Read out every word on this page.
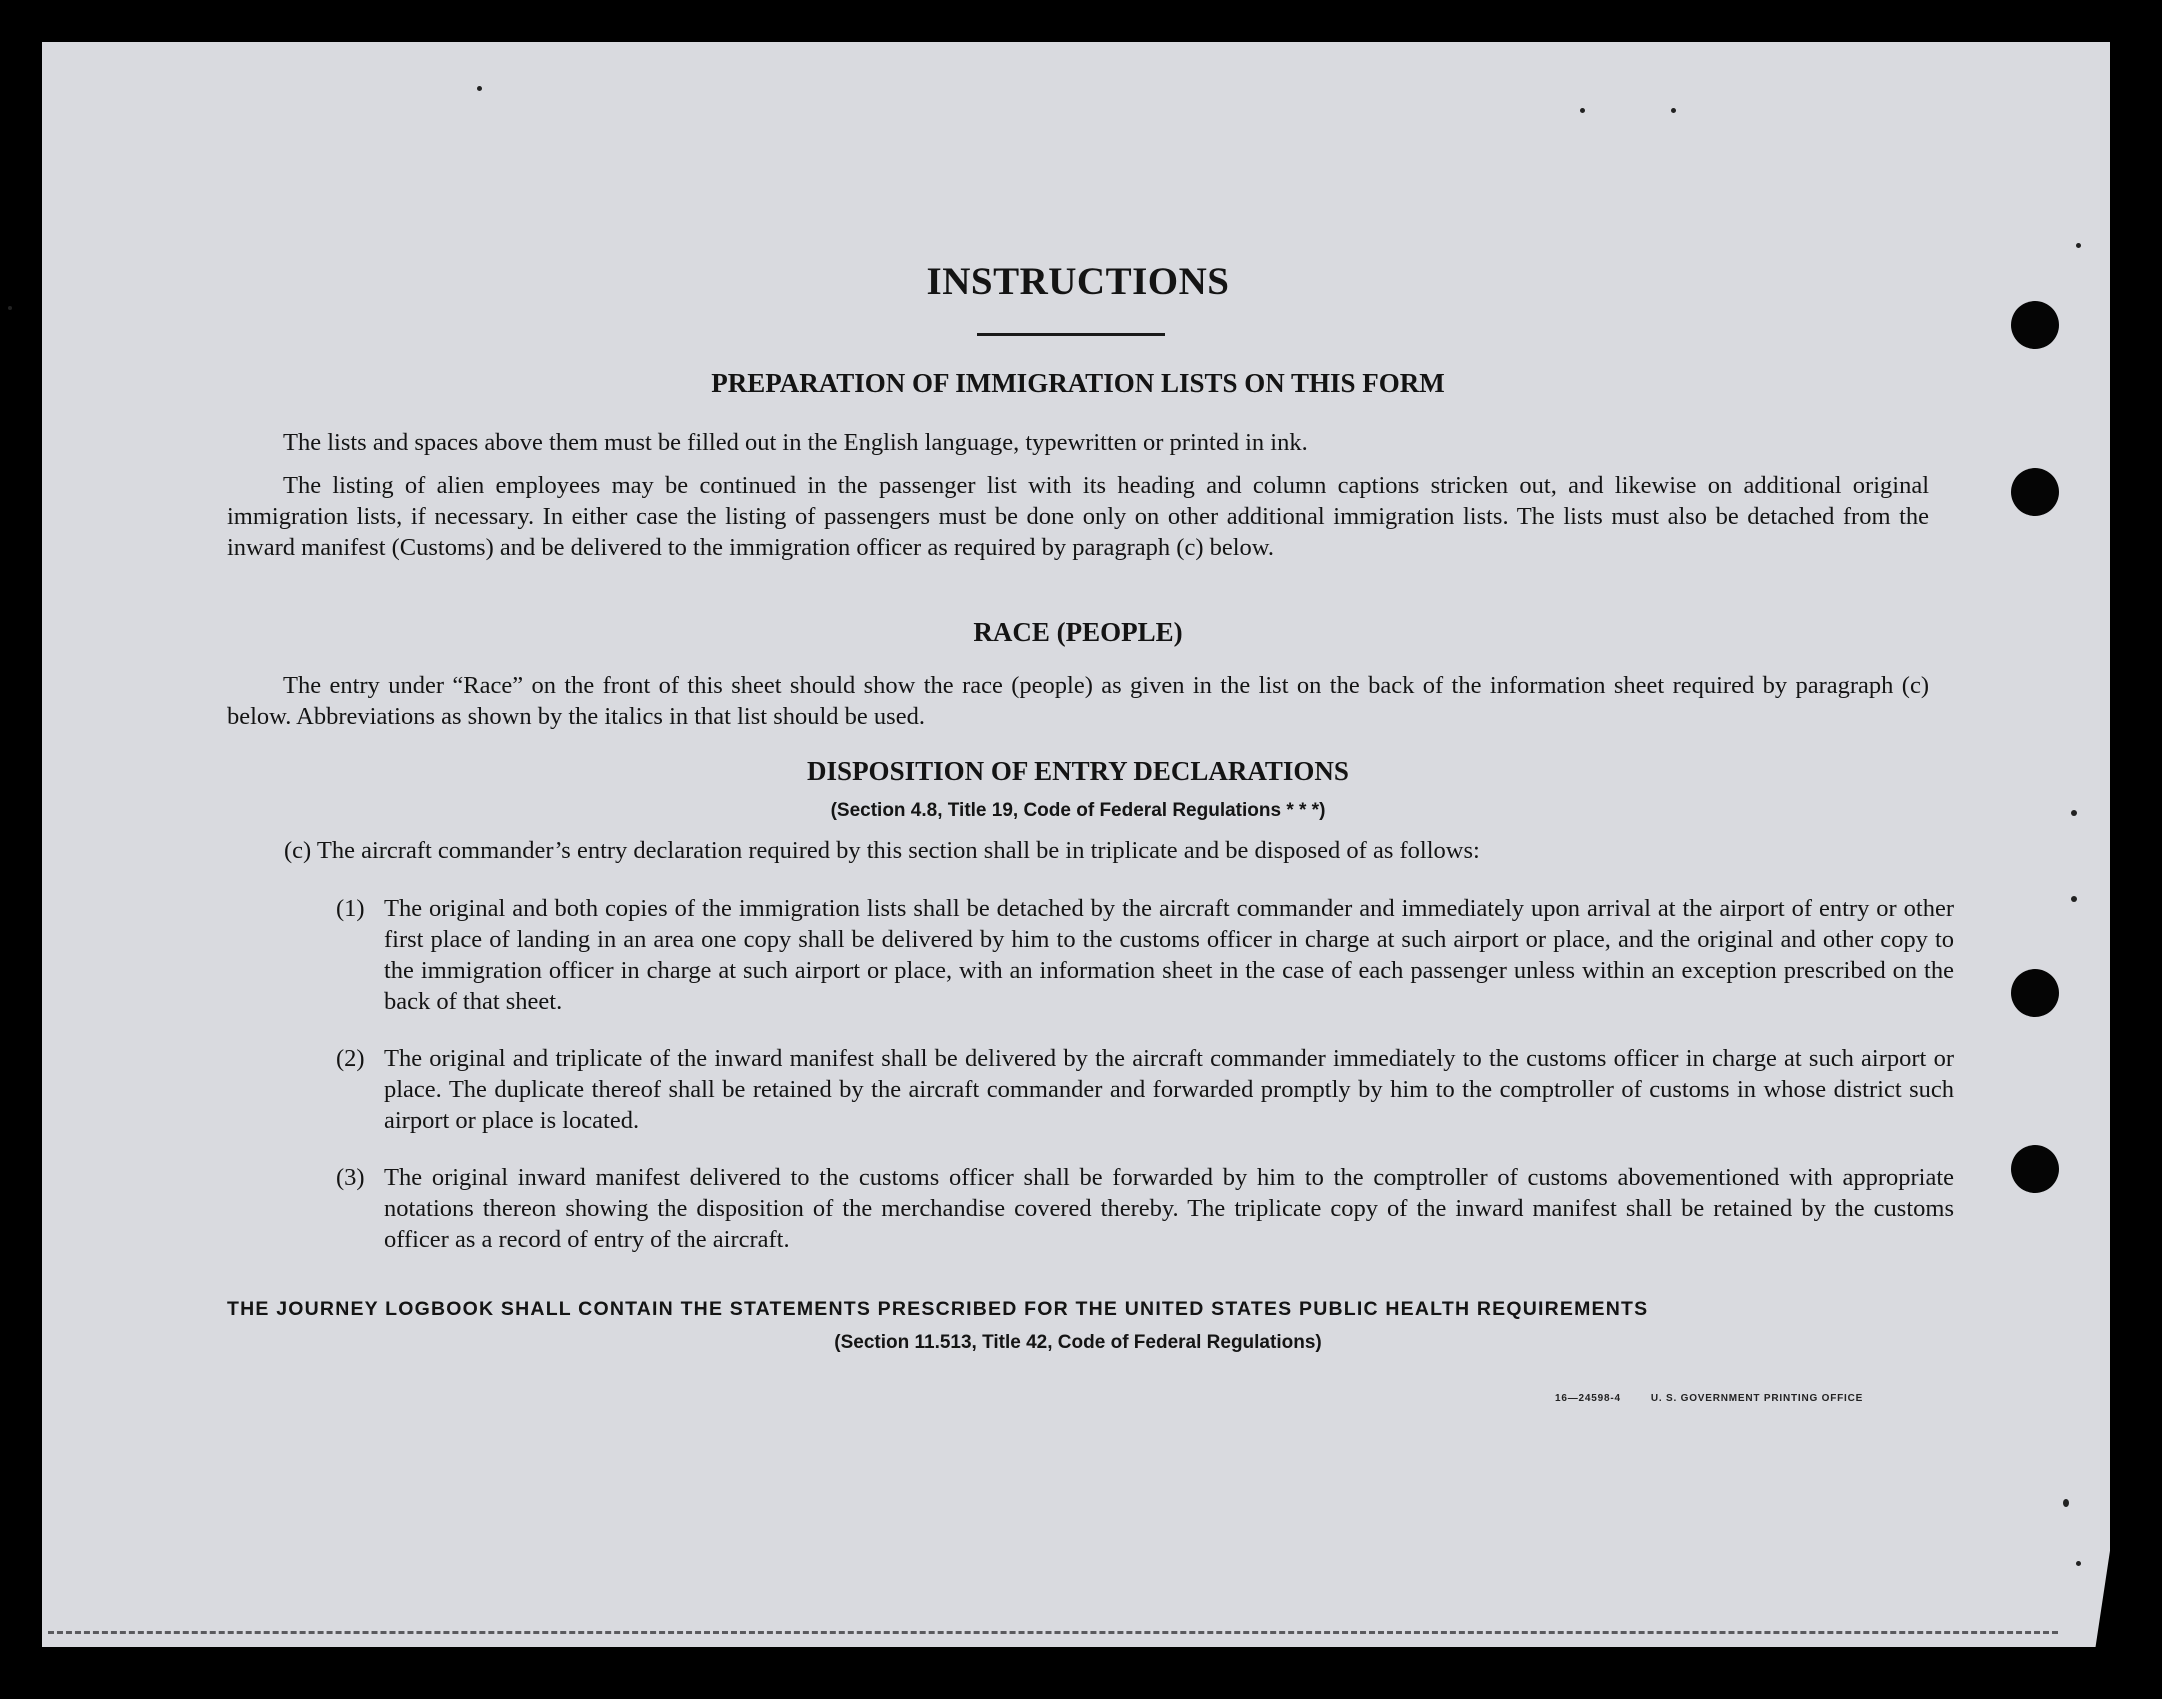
INSTRUCTIONS
PREPARATION OF IMMIGRATION LISTS ON THIS FORM
The lists and spaces above them must be filled out in the English language, typewritten or printed in ink.
The listing of alien employees may be continued in the passenger list with its heading and column captions stricken out, and likewise on additional original immigration lists, if necessary. In either case the listing of passengers must be done only on other additional immigration lists. The lists must also be detached from the inward manifest (Customs) and be delivered to the immigration officer as required by paragraph (c) below.
RACE (PEOPLE)
The entry under “Race” on the front of this sheet should show the race (people) as given in the list on the back of the information sheet required by paragraph (c) below. Abbreviations as shown by the italics in that list should be used.
DISPOSITION OF ENTRY DECLARATIONS
(Section 4.8, Title 19, Code of Federal Regulations * * *)
(c) The aircraft commander’s entry declaration required by this section shall be in triplicate and be disposed of as follows:
(1) The original and both copies of the immigration lists shall be detached by the aircraft commander and immediately upon arrival at the airport of entry or other first place of landing in an area one copy shall be delivered by him to the customs officer in charge at such airport or place, and the original and other copy to the immigration officer in charge at such airport or place, with an information sheet in the case of each passenger unless within an exception prescribed on the back of that sheet.
(2) The original and triplicate of the inward manifest shall be delivered by the aircraft commander immediately to the customs officer in charge at such airport or place. The duplicate thereof shall be retained by the aircraft commander and forwarded promptly by him to the comptroller of customs in whose district such airport or place is located.
(3) The original inward manifest delivered to the customs officer shall be forwarded by him to the comptroller of customs abovementioned with appropriate notations thereon showing the disposition of the merchandise covered thereby. The triplicate copy of the inward manifest shall be retained by the customs officer as a record of entry of the aircraft.
THE JOURNEY LOGBOOK SHALL CONTAIN THE STATEMENTS PRESCRIBED FOR THE UNITED STATES PUBLIC HEALTH REQUIREMENTS
(Section 11.513, Title 42, Code of Federal Regulations)
16—24598-4	U. S. GOVERNMENT PRINTING OFFICE
